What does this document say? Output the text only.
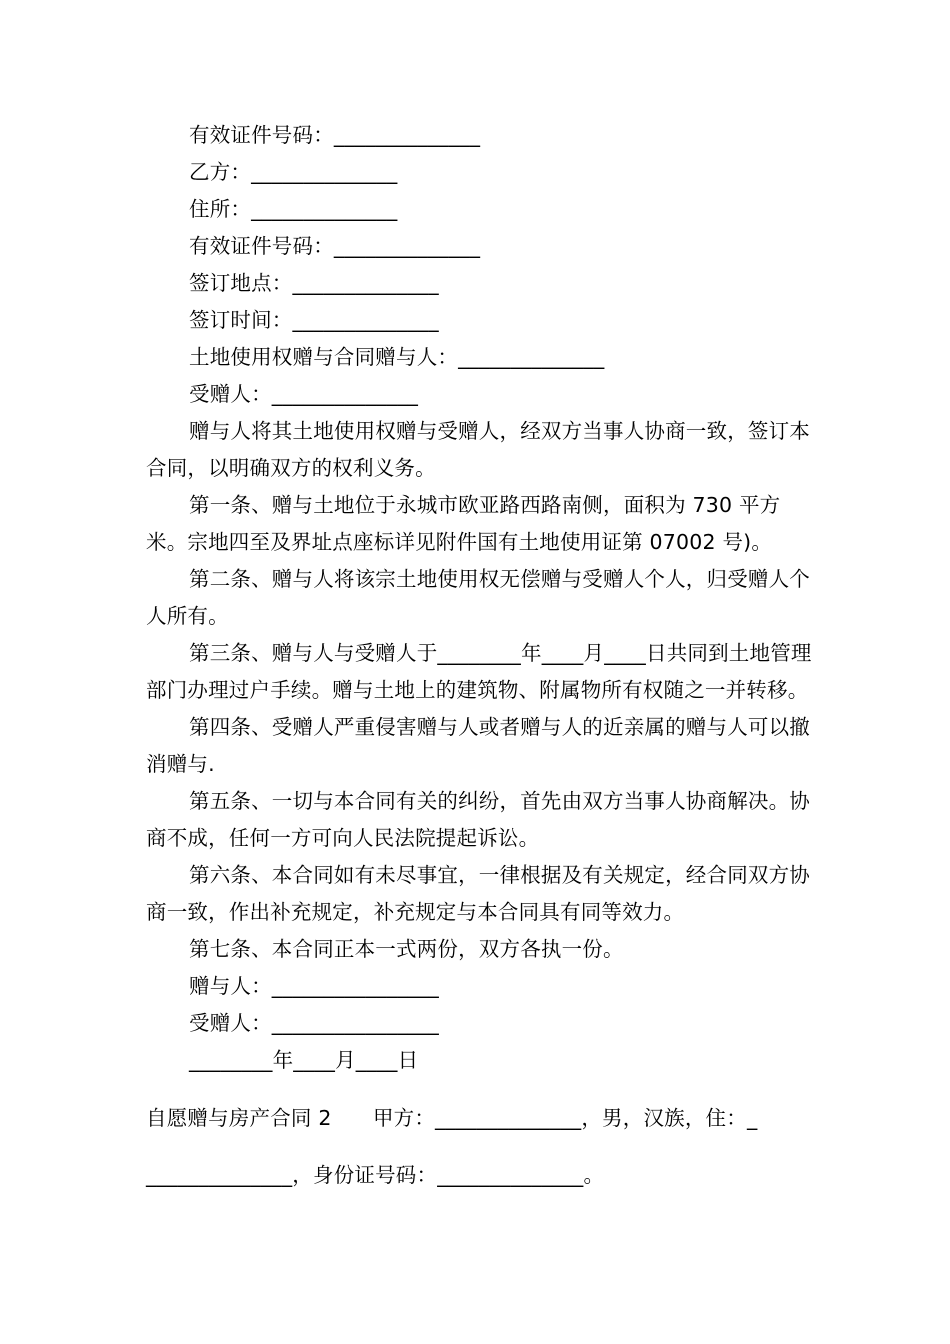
有效证件号码：______________

乙方：______________

住所：______________

有效证件号码：______________

签订地点：______________

签订时间：______________

土地使用权赠与合同赠与人：______________

受赠人：______________

赠与人将其土地使用权赠与受赠人，经双方当事人协商一致，签订本合同，以明确双方的权利义务。

第一条、赠与土地位于永城市欧亚路西路南侧，面积为 730 平方米。宗地四至及界址点座标详见附件国有土地使用证第 07002 号)。

第二条、赠与人将该宗土地使用权无偿赠与受赠人个人，归受赠人个人所有。

第三条、赠与人与受赠人于________年____月____日共同到土地管理部门办理过户手续。赠与土地上的建筑物、附属物所有权随之一并转移。

第四条、受赠人严重侵害赠与人或者赠与人的近亲属的赠与人可以撤消赠与.

第五条、一切与本合同有关的纠纷，首先由双方当事人协商解决。协商不成，任何一方可向人民法院提起诉讼。

第六条、本合同如有未尽事宜，一律根据及有关规定，经合同双方协商一致，作出补充规定，补充规定与本合同具有同等效力。

第七条、本合同正本一式两份，双方各执一份。

赠与人：________________

受赠人：________________

________年____月____日

自愿赠与房产合同 2　　甲方：______________，男，汉族，住：_

______________，身份证号码：______________。
